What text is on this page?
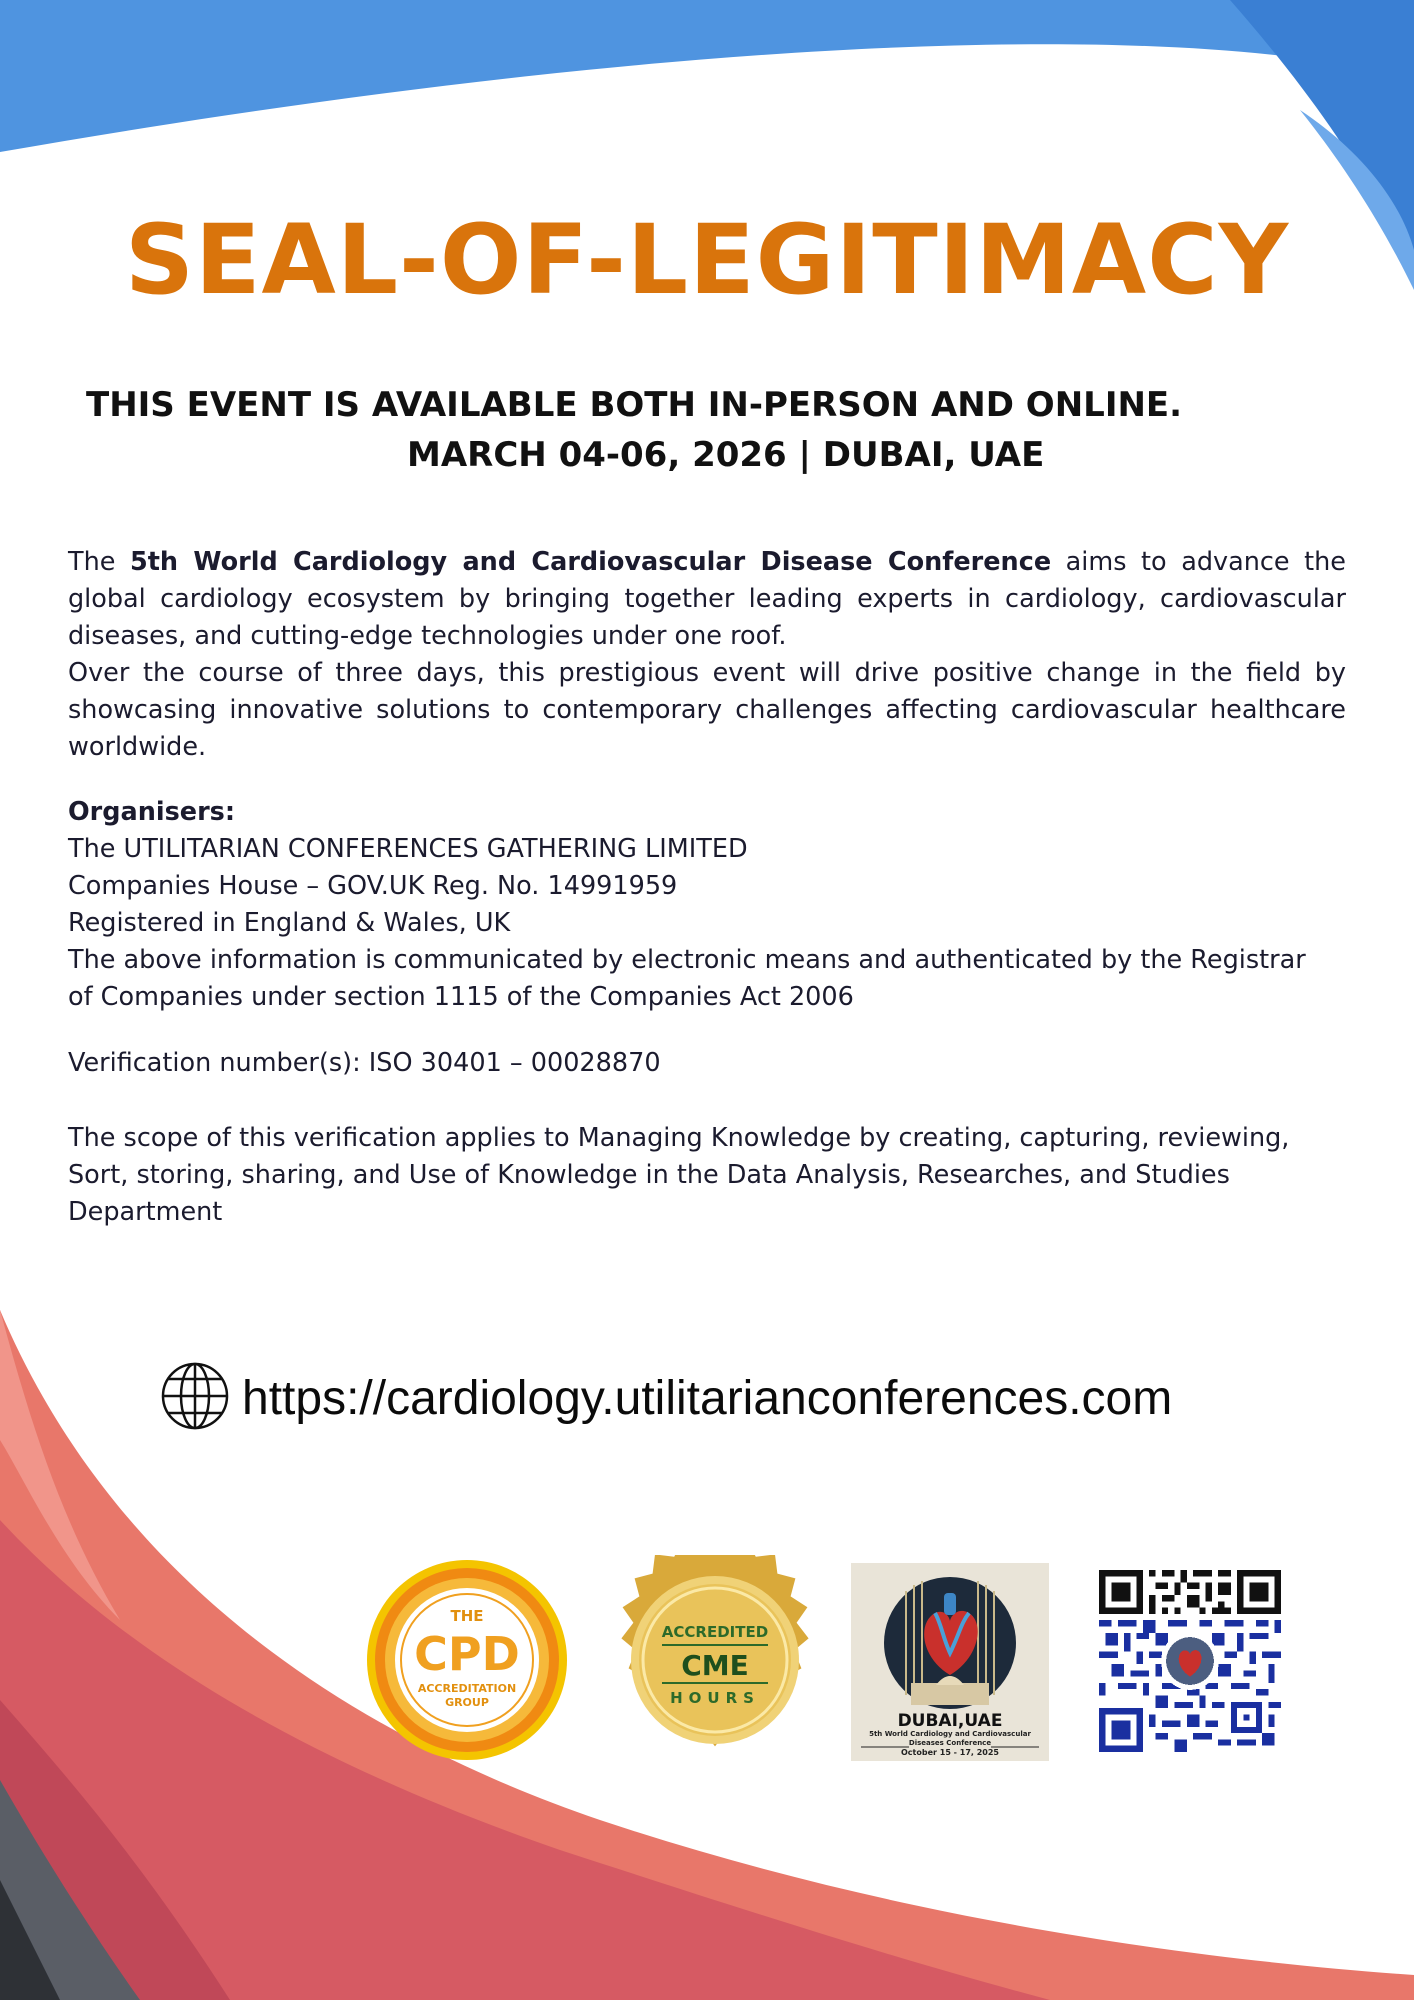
SEAL-OF-LEGITIMACY
THIS EVENT IS AVAILABLE BOTH IN-PERSON AND ONLINE.
MARCH 04-06, 2026 | DUBAI, UAE
The 5th World Cardiology and Cardiovascular Disease Conference aims to advance the global cardiology ecosystem by bringing together leading experts in cardiology, cardiovascular diseases, and cutting-edge technologies under one roof.
Over the course of three days, this prestigious event will drive positive change in the field by showcasing innovative solutions to contemporary challenges affecting cardiovascular healthcare worldwide.
Organisers:
The UTILITARIAN CONFERENCES GATHERING LIMITED
Companies House – GOV.UK Reg. No. 14991959
Registered in England & Wales, UK
The above information is communicated by electronic means and authenticated by the Registrar
of Companies under section 1115 of the Companies Act 2006
Verification number(s): ISO 30401 – 00028870
The scope of this verification applies to Managing Knowledge by creating, capturing, reviewing,
Sort, storing, sharing, and Use of Knowledge in the Data Analysis, Researches, and Studies
Department
https://cardiology.utilitarianconferences.com
THE
CPD
ACCREDITATION
GROUP
ACCREDITED
CME
HOURS
DUBAI,UAE
5th World Cardiology and Cardiovascular Diseases Conference
October 15 - 17, 2025
